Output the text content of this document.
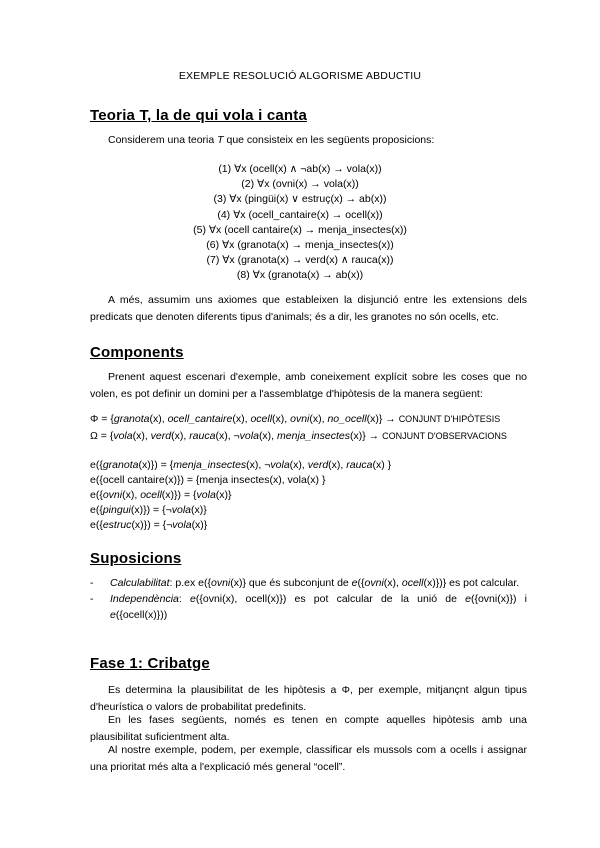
EXEMPLE RESOLUCIÓ ALGORISME ABDUCTIU
Teoria T, la de qui vola i canta

Considerem una teoria T que consisteix en les següents proposicions:

(1) ∀x (ocell(x) ∧ ¬ab(x) → vola(x))
(2) ∀x (ovni(x) → vola(x))
(3) ∀x (pingüi(x) ∨ estruç(x) → ab(x))
(4) ∀x (ocell_cantaire(x) → ocell(x))
(5) ∀x (ocell cantaire(x) → menja_insectes(x))
(6) ∀x (granota(x) → menja_insectes(x))
(7) ∀x (granota(x) → verd(x) ∧ rauca(x))
(8) ∀x (granota(x) → ab(x))

A més, assumim uns axiomes que estableixen la disjunció entre les extensions dels predicats que denoten diferents tipus d'animals; és a dir, les granotes no són ocells, etc.

Components

Prenent aquest escenari d'exemple, amb coneixement explícit sobre les coses que no volen, es pot definir un domini per a l'assemblatge d'hipòtesis de la manera següent:

Φ = {granota(x), ocell_cantaire(x), ocell(x), ovni(x), no_ocell(x)} → CONJUNT D'HIPÒTESIS
Ω = {vola(x), verd(x), rauca(x), ¬vola(x), menja_insectes(x)} → CONJUNT D'OBSERVACIONS
e({granota(x)}) = {menja_insectes(x), ¬vola(x), verd(x), rauca(x) }
e({ocell cantaire(x)}) = {menja insectes(x), vola(x) }
e({ovni(x), ocell(x)}) = {vola(x)}
e({pingui(x)}) = {¬vola(x)}
e({estruc(x)}) = {¬vola(x)}
Suposicions
- Calculabilitat: p.ex e({ovni(x)} que és subconjunt de e({ovni(x), ocell(x)})} es pot calcular.
- Independència: e({ovni(x), ocell(x)}) es pot calcular de la unió de e({ovni(x)}) i e({ocell(x)}))
Fase 1: Cribatge

Es determina la plausibilitat de les hipòtesis a Φ, per exemple, mitjançnt algun tipus d'heurística o valors de probabilitat predefinits.

En les fases següents, només es tenen en compte aquelles hipòtesis amb una plausibilitat suficientment alta.

Al nostre exemple, podem, per exemple, classificar els mussols com a ocells i assignar una prioritat més alta a l'explicació més general “ocell”.
